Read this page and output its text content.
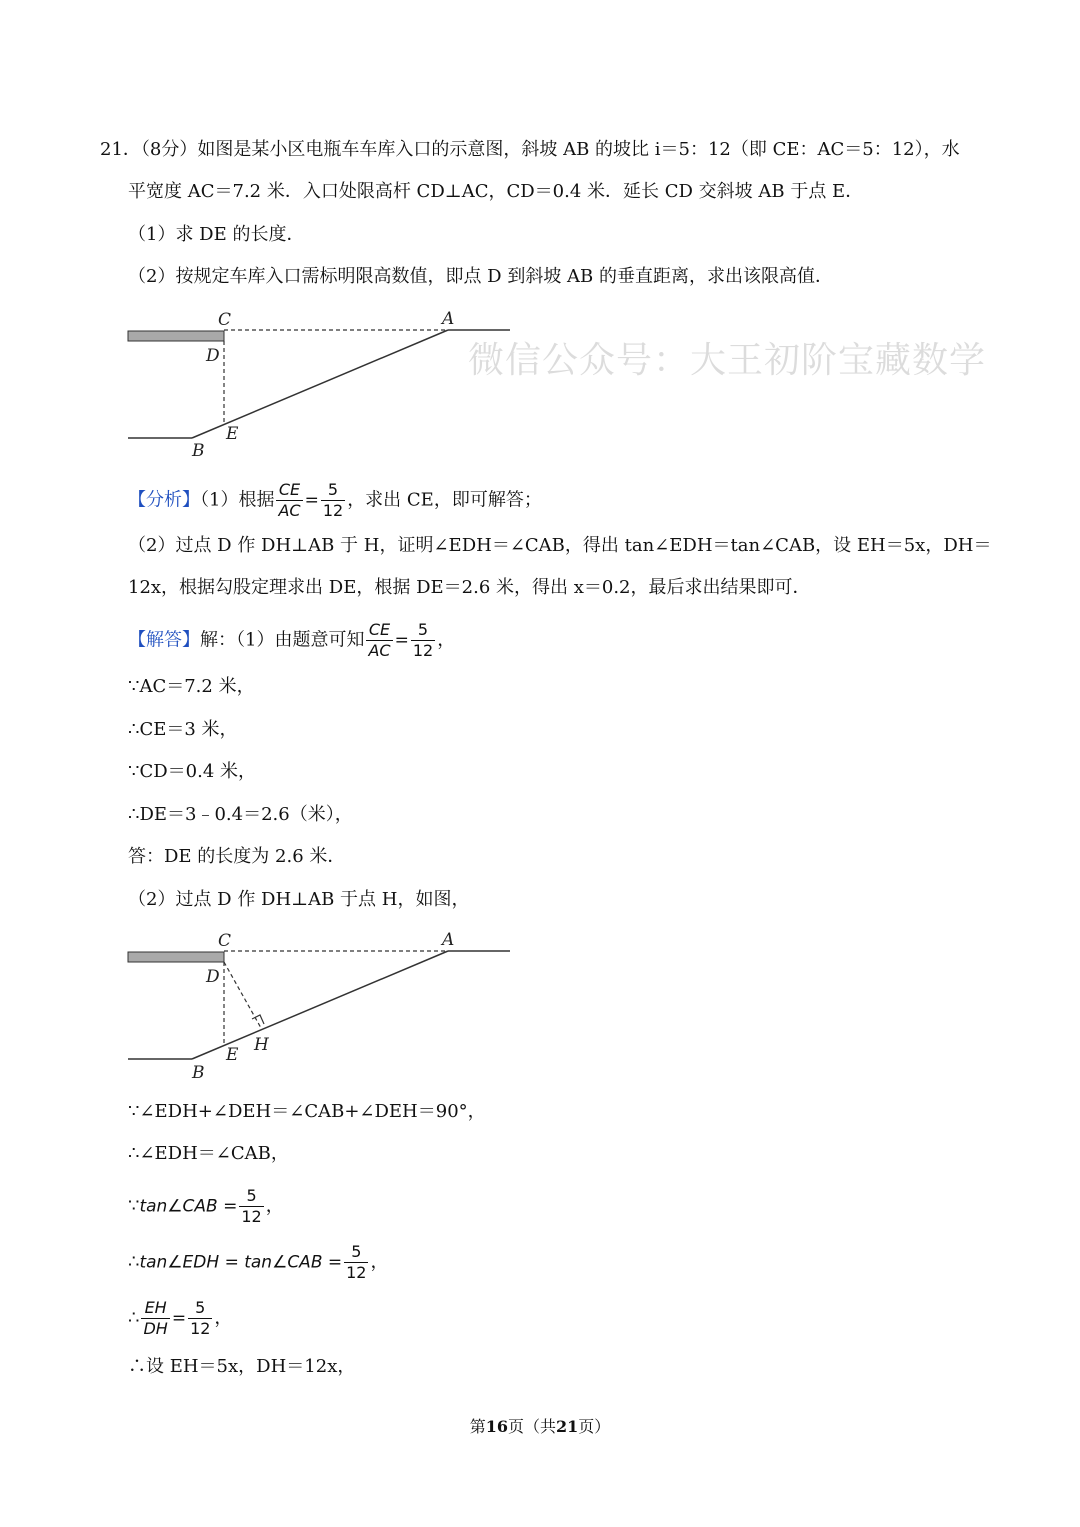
21．（8分）如图是某小区电瓶车车库入口的示意图，斜坡 AB 的坡比 i＝5：12（即 CE：AC＝5：12），水
平宽度 AC＝7.2 米．入口处限高杆 CD⊥AC，CD＝0.4 米．延长 CD 交斜坡 AB 于点 E．
（1）求 DE 的长度．
（2）按规定车库入口需标明限高数值，即点 D 到斜坡 AB 的垂直距离，求出该限高值．
C	A
D
E
B
微信公众号：大王初阶宝藏数学
【分析】（1）根据 $\frac{CE}{AC} = \frac{5}{12}$ ，求出 CE，即可解答；
（2）过点 D 作 DH⊥AB 于 H，证明∠EDH＝∠CAB，得出 tan∠EDH＝tan∠CAB，设 EH＝5x，DH＝
12x，根据勾股定理求出 DE，根据 DE＝2.6 米，得出 x＝0.2，最后求出结果即可．
【解答】解：（1）由题意可知 $\frac{CE}{AC} = \frac{5}{12}$ ，
∵AC＝7.2 米，
∴CE＝3 米，
∵CD＝0.4 米，
∴DE＝3﹣0.4＝2.6（米），
答：DE 的长度为 2.6 米．
（2）过点 D 作 DH⊥AB 于点 H，如图，
C	A
D
E H
B
∵∠EDH+∠DEH＝∠CAB+∠DEH＝90°，
∴∠EDH＝∠CAB，
∵tan∠CAB = $\frac{5}{12}$ ，
∴tan∠EDH = tan∠CAB = $\frac{5}{12}$ ，
∴ $\frac{EH}{DH} = \frac{5}{12}$ ，
∴设 EH＝5x，DH＝12x，
第16页（共21页）
